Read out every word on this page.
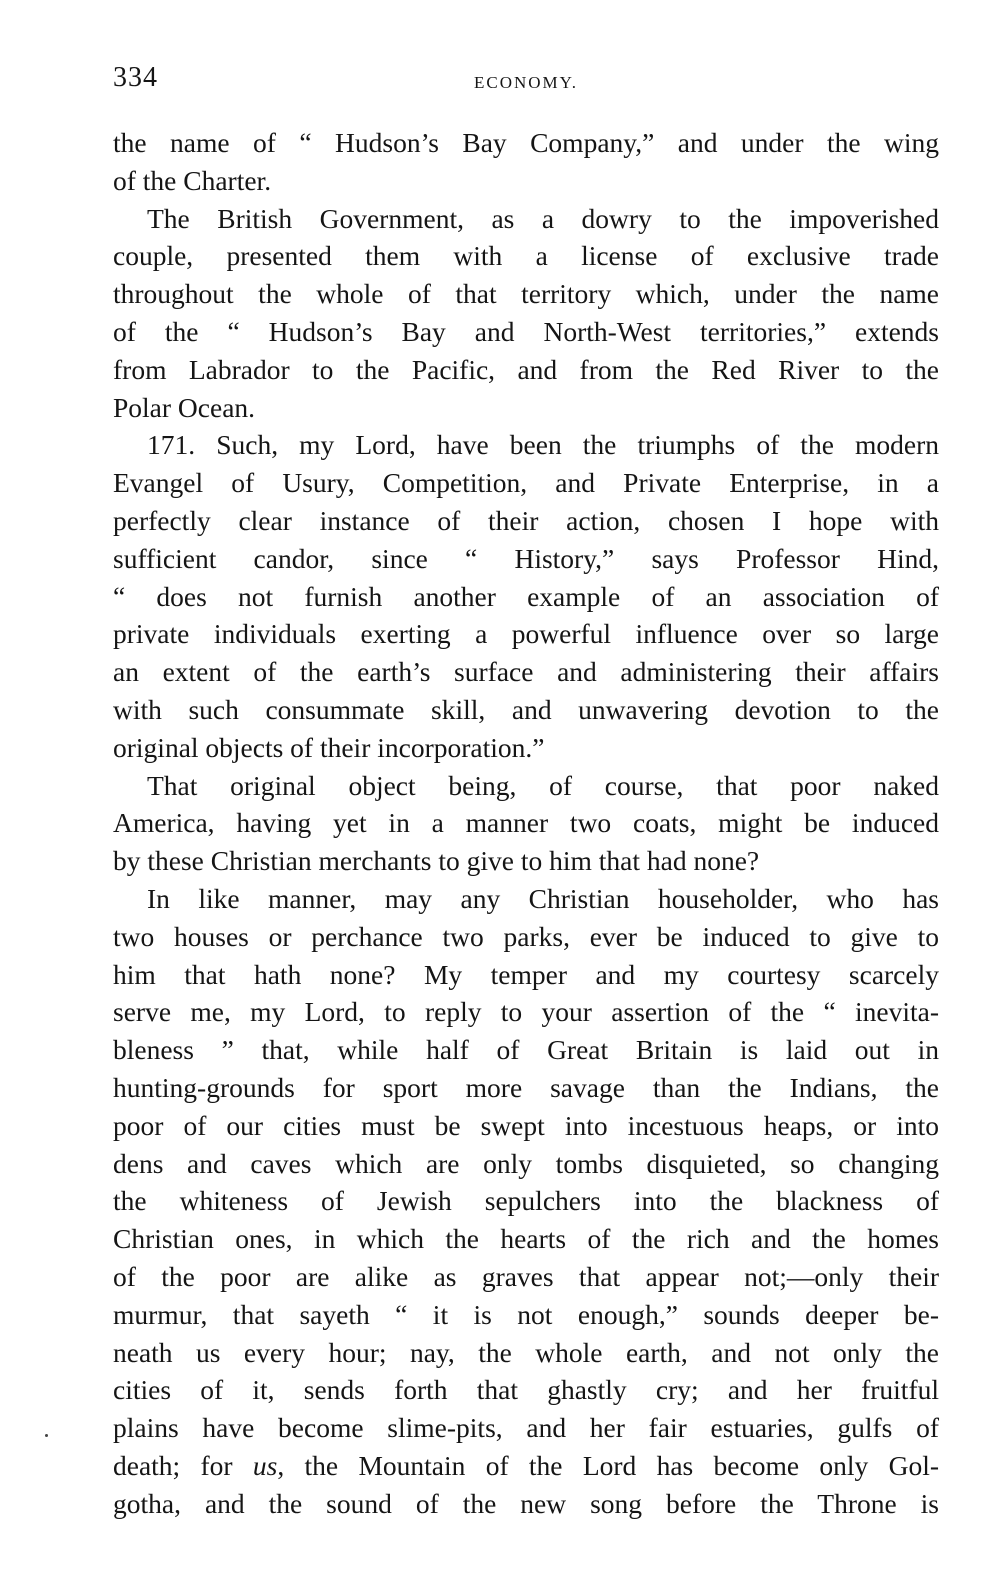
334	ECONOMY.
the name of “ Hudson’s Bay Company,” and under the wing
of the Charter.
The British Government, as a dowry to the impoverished
couple, presented them with a license of exclusive trade
throughout the whole of that territory which, under the name
of the “ Hudson’s Bay and North-West territories,” extends
from Labrador to the Pacific, and from the Red River to the
Polar Ocean.
171. Such, my Lord, have been the triumphs of the modern
Evangel of Usury, Competition, and Private Enterprise, in a
perfectly clear instance of their action, chosen I hope with
sufficient candor, since “ History,” says Professor Hind,
“ does not furnish another example of an association of
private individuals exerting a powerful influence over so large
an extent of the earth’s surface and administering their affairs
with such consummate skill, and unwavering devotion to the
original objects of their incorporation.”
That original object being, of course, that poor naked
America, having yet in a manner two coats, might be induced
by these Christian merchants to give to him that had none?
In like manner, may any Christian householder, who has
two houses or perchance two parks, ever be induced to give to
him that hath none? My temper and my courtesy scarcely
serve me, my Lord, to reply to your assertion of the “ inevita-
bleness ” that, while half of Great Britain is laid out in
hunting-grounds for sport more savage than the Indians, the
poor of our cities must be swept into incestuous heaps, or into
dens and caves which are only tombs disquieted, so changing
the whiteness of Jewish sepulchers into the blackness of
Christian ones, in which the hearts of the rich and the homes
of the poor are alike as graves that appear not;—only their
murmur, that sayeth “ it is not enough,” sounds deeper be-
neath us every hour; nay, the whole earth, and not only the
cities of it, sends forth that ghastly cry; and her fruitful
plains have become slime-pits, and her fair estuaries, gulfs of
death; for us, the Mountain of the Lord has become only Gol-
gotha, and the sound of the new song before the Throne is
